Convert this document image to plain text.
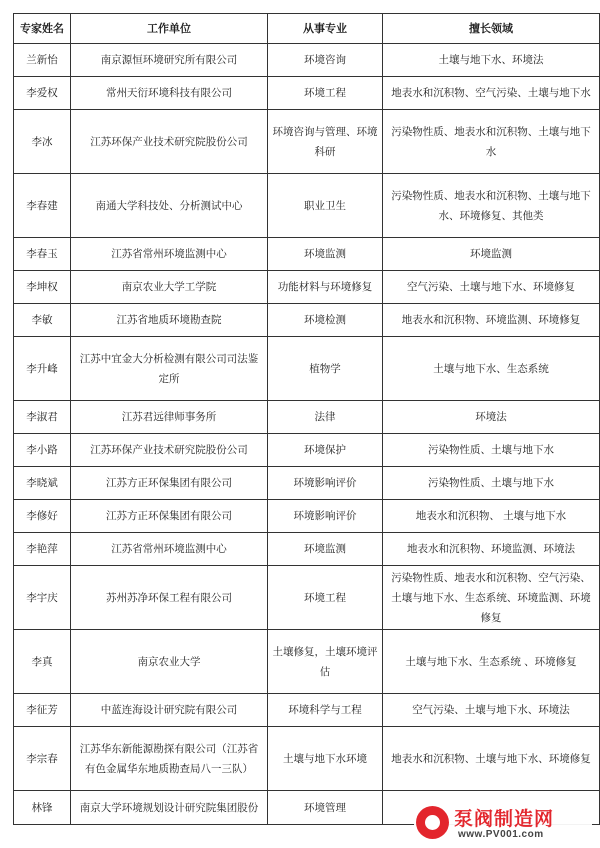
专家姓名	工作单位	从事专业	擅长领域
兰新怡	南京源恒环境研究所有限公司	环境咨询	土壤与地下水、环境法
李爱权	常州天衍环境科技有限公司	环境工程	地表水和沉积物、空气污染、土壤与地下水
李冰	江苏环保产业技术研究院股份公司	环境咨询与管理、环境科研	污染物性质、地表水和沉积物、土壤与地下水
李春建	南通大学科技处、分析测试中心	职业卫生	污染物性质、地表水和沉积物、土壤与地下水、环境修复、其他类
李春玉	江苏省常州环境监测中心	环境监测	环境监测
李坤权	南京农业大学工学院	功能材料与环境修复	空气污染、土壤与地下水、环境修复
李敏	江苏省地质环境勘查院	环境检测	地表水和沉积物、环境监测、环境修复
李升峰	江苏中宜金大分析检测有限公司司法鉴定所	植物学	土壤与地下水、生态系统
李淑君	江苏君远律师事务所	法律	环境法
李小路	江苏环保产业技术研究院股份公司	环境保护	污染物性质、土壤与地下水
李晓斌	江苏方正环保集团有限公司	环境影响评价	污染物性质、土壤与地下水
李修好	江苏方正环保集团有限公司	环境影响评价	地表水和沉积物、 土壤与地下水
李艳萍	江苏省常州环境监测中心	环境监测	地表水和沉积物、环境监测、环境法
李宇庆	苏州苏净环保工程有限公司	环境工程	污染物性质、地表水和沉积物、空气污染、土壤与地下水、生态系统、环境监测、环境修复
李真	南京农业大学	土壤修复，土壤环境评估	土壤与地下水、生态系统 、环境修复
李征芳	中蓝连海设计研究院有限公司	环境科学与工程	空气污染、土壤与地下水、环境法
李宗春	江苏华东新能源勘探有限公司（江苏省有色金属华东地质勘查局八一三队）	土壤与地下水环境	地表水和沉积物、土壤与地下水、环境修复
林锋	南京大学环境规划设计研究院集团股份	环境管理	
泵阀制造网
www.PV001.com
